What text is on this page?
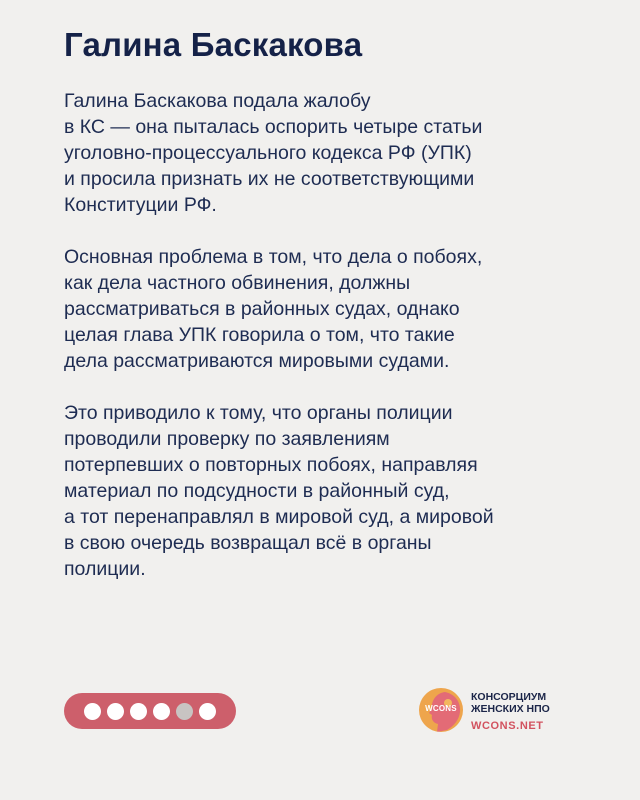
Галина Баскакова

Галина Баскакова подала жалобу
в КС — она пыталась оспорить четыре статьи
уголовно-процессуального кодекса РФ (УПК)
и просила признать их не соответствующими
Конституции РФ.

Основная проблема в том, что дела о побоях,
как дела частного обвинения, должны
рассматриваться в районных судах, однако
целая глава УПК говорила о том, что такие
дела рассматриваются мировыми судами.

Это приводило к тому, что органы полиции
проводили проверку по заявлениям
потерпевших о повторных побоях, направляя
материал по подсудности в районный суд,
а тот перенаправлял в мировой суд, а мировой
в свою очередь возвращал всё в органы
полиции.

WCONS
КОНСОРЦИУМ
ЖЕНСКИХ НПО
WCONS.NET
